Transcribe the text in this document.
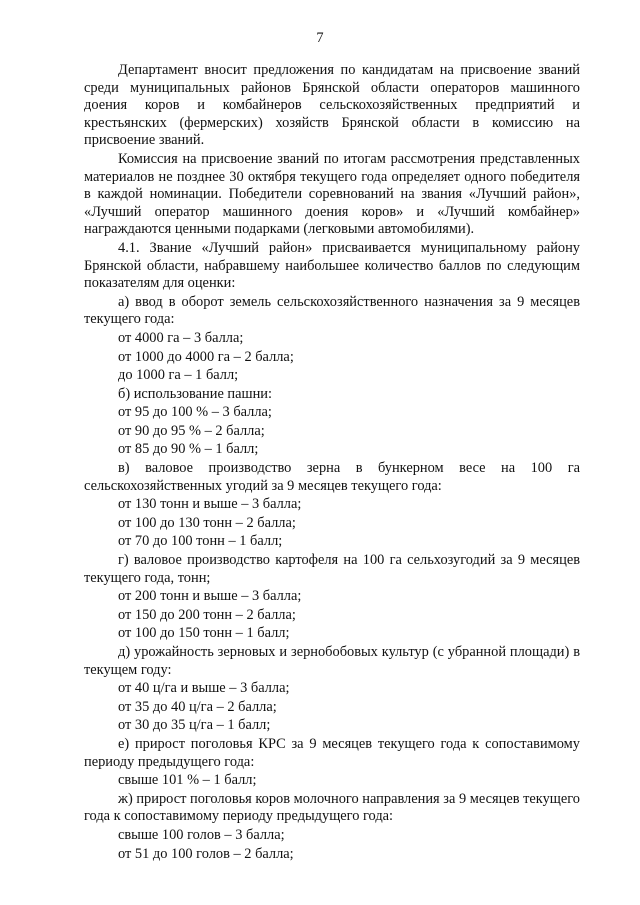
7

Департамент вносит предложения по кандидатам на присвоение званий среди муниципальных районов Брянской области операторов машинного доения коров и комбайнеров сельскохозяйственных предприятий и крестьянских (фермерских) хозяйств Брянской области в комиссию на присвоение званий.

Комиссия на присвоение званий по итогам рассмотрения представленных материалов не позднее 30 октября текущего года определяет одного победителя в каждой номинации. Победители соревнований на звания «Лучший район», «Лучший оператор машинного доения коров» и «Лучший комбайнер» награждаются ценными подарками (легковыми автомобилями).

4.1. Звание «Лучший район» присваивается муниципальному району Брянской области, набравшему наибольшее количество баллов по следующим показателям для оценки:

а) ввод в оборот земель сельскохозяйственного назначения за 9 месяцев текущего года:

от 4000 га – 3 балла;

от 1000 до 4000 га – 2 балла;

до 1000 га – 1 балл;

б) использование пашни:

от 95 до 100 % – 3 балла;

от 90 до 95 % – 2 балла;

от 85 до 90 % – 1 балл;

в) валовое производство зерна в бункерном весе на 100 га сельскохозяйственных угодий за 9 месяцев текущего года:

от 130 тонн и выше – 3 балла;

от 100 до 130 тонн – 2 балла;

от 70 до 100 тонн – 1 балл;

г) валовое производство картофеля на 100 га сельхозугодий за 9 месяцев текущего года, тонн;

от 200 тонн и выше – 3 балла;

от 150 до 200 тонн – 2 балла;

от 100 до 150 тонн – 1 балл;

д) урожайность зерновых и зернобобовых культур (с убранной площади) в текущем году:

от 40 ц/га и выше – 3 балла;

от 35 до 40 ц/га – 2 балла;

от 30 до 35 ц/га – 1 балл;

е) прирост поголовья КРС за 9 месяцев текущего года к сопоставимому периоду предыдущего года:

свыше 101 % – 1 балл;

ж) прирост поголовья коров молочного направления за 9 месяцев текущего года к сопоставимому периоду предыдущего года:

свыше 100 голов – 3 балла;

от 51 до 100 голов – 2 балла;
